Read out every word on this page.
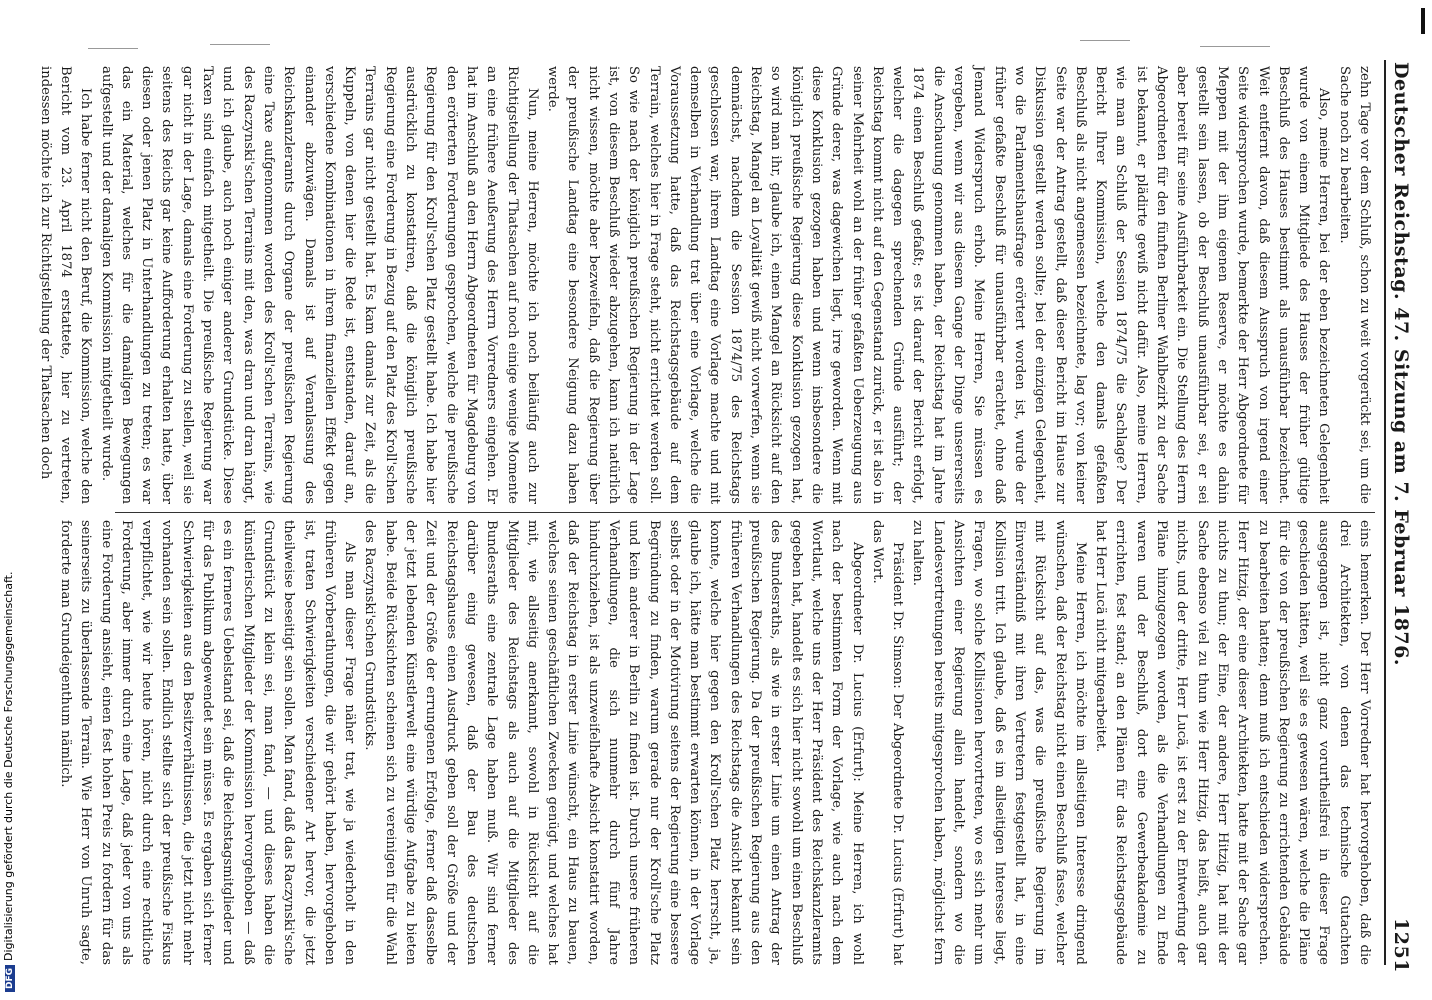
Deutscher Reichstag. 47. Sitzung am 7. Februar 1876.
1251

zehn Tage vor dem Schluß, schon zu weit vorgerückt sei, um die Sache noch zu bearbeiten.

Also, meine Herren, bei der eben bezeichneten Gelegenheit wurde von einem Mitgliede des Hauses der früher gültige Beschluß des Hauses bestimmt als unausführbar bezeichnet. Weit entfernt davon, daß diesem Ausspruch von irgend einer Seite widersprochen wurde, bemerkte der Herr Abgeordnete für Meppen mit der ihm eigenen Reserve, er möchte es dahin gestellt sein lassen, ob der Beschluß unausführbar sei, er sei aber bereit für seine Ausführbarkeit ein. Die Stellung des Herrn Abgeordneten für den fünften Berliner Wahlbezirk zu der Sache ist bekannt, er plädirte gewiß nicht dafür. Also, meine Herren, wie man am Schluß der Session 1874/75 die Sachlage? Der Bericht Ihrer Kommission, welche den damals gefaßten Beschluß als nicht angemessen bezeichnete, lag vor; von keiner Seite war der Antrag gestellt, daß dieser Bericht im Hause zur Diskussion gestellt werden sollte; bei der einzigen Gelegenheit, wo die Parlamentshausfrage erörtert worden ist, wurde der früher gefaßte Beschluß für unausführbar erachtet, ohne daß Jemand Widerspruch erhob. Meine Herren, Sie müssen es vergeben, wenn wir aus diesem Gange der Dinge unsererseits die Anschauung genommen haben, der Reichstag hat im Jahre 1874 einen Beschluß gefaßt; es ist darauf der Bericht erfolgt, welcher die dagegen sprechenden Gründe ausführt; der Reichstag kommt nicht auf den Gegenstand zurück, er ist also in seiner Mehrheit wohl an der früher gefaßten Ueberzeugung aus Gründe derer, was dagewichen liegt, irre geworden. Wenn mit diese Konklusion gezogen haben und wenn insbesondere die königlich preußische Regierung diese Konklusion gezogen hat, so wird man ihr, glaube ich, einen Mangel an Rücksicht auf den Reichstag, Mangel an Loyalität gewiß nicht vorwerfen, wenn sie demnächst, nachdem die Session 1874/75 des Reichstags geschlossen war, ihrem Landtag eine Vorlage machte und mit demselben in Verhandlung trat über eine Vorlage, welche die Voraussetzung hatte, daß das Reichstagsgebäude auf dem Terrain, welches hier in Frage steht, nicht errichtet werden soll. So wie nach der königlich preußischen Regierung in der Lage ist, von diesem Beschluß wieder abzugehen, kann ich natürlich nicht wissen, möchte aber bezweifeln, daß die Regierung über der preußische Landtag eine besondere Neigung dazu haben werde.

Nun, meine Herren, möchte ich noch beiläufig auch zur Richtigstellung der Thatsachen auf noch einige wenige Momente an eine frühere Aeußerung des Herrn Vorredners eingehen. Er hat im Anschluß an den Herrn Abgeordneten für Magdeburg von den erörterten Forderungen gesprochen, welche die preußische Regierung für den Kroll'schen Platz gestellt habe. Ich habe hier ausdrücklich zu konstatiren, daß die königlich preußische Regierung eine Forderung in Bezug auf den Platz des Kroll'schen Terrains gar nicht gestellt hat. Es kam damals zur Zeit, als die Kuppeln, von denen hier die Rede ist, entstanden, darauf an, verschiedene Kombinationen in ihrem finanziellen Effekt gegen einander abzuwägen. Damals ist auf Veranlassung des Reichskanzleramts durch Organe der preußischen Regierung eine Taxe aufgenommen worden des Kroll'schen Terrains, wie des Raczynski'schen Terrains mit den, was dran und dran hängt, und ich glaube, auch noch einiger anderer Grundstücke. Diese Taxen sind einfach mitgetheilt. Die preußische Regierung war gar nicht in der Lage, damals eine Forderung zu stellen, weil sie seitens des Reichs gar keine Aufforderung erhalten hatte, über diesen oder jenen Platz in Unterhandlungen zu treten; es war das ein Material, welches für die damaligen Bewegungen aufgestellt und der damaligen Kommission mitgetheilt wurde.

Ich habe ferner nicht den Beruf, die Kommission, welche den Bericht vom 23. April 1874 erstattete, hier zu vertreten, indessen möchte ich zur Richtigstellung der Thatsachen doch

eins hemerken. Der Herr Vorredner hat hervorgehoben, daß die drei Architekten, von denen das technische Gutachten ausgegangen ist, nicht ganz vorurtheilsfrei in dieser Frage geschieden hätten, weil sie es gewesen wären, welche die Pläne für die von der preußischen Regierung zu errichtenden Gebäude zu bearbeiten hatten; denn muß ich entschieden widersprechen. Herr Hitzig, der eine dieser Architekten, hatte mit der Sache gar nichts zu thun; der Eine, der andere, Herr Hitzig, hat mit der Sache ebenso viel zu thun wie Herr Hitzig, das heißt, auch gar nichts, und der dritte, Herr Lucä, ist erst zu der Entwerfung der Pläne hinzugezogen worden, als die Verhandlungen zu Ende waren und der Beschluß, dort eine Gewerbeakademie zu errichten, fest stand; an den Plänen für das Reichstagsgebäude hat Herr Lucä nicht mitgearbeitet.

Meine Herren, ich möchte im allseitigen Interesse dringend wünschen, daß der Reichstag nicht einen Beschluß fasse, welcher mit Rücksicht auf das, was die preußische Regierung im Einverständniß mit ihren Vertretern festgestellt hat, in eine Kollision tritt. Ich glaube, daß es im allseitigen Interesse liegt, Fragen, wo solche Kollisionen hervortreten, wo es sich mehr um Ansichten einer Regierung allein handelt, sondern wo die Landesvertretungen bereits mitgesprochen haben, möglichst fern zu halten.

Präsident Dr. Simson: Der Abgeordnete Dr. Lucius (Erfurt) hat das Wort.

Abgeordneter Dr. Lucius (Erfurt): Meine Herren, ich wohl nach der bestimmten Form der Vorlage, wie auch nach dem Wortlaut, welche uns der Herr Präsident des Reichskanzleramts gegeben hat, handelt es sich hier nicht sowohl um einen Beschluß des Bundesraths, als wie in erster Linie um einen Antrag der preußischen Regierung. Da der preußischen Regierung aus den früheren Verhandlungen des Reichstags die Ansicht bekannt sein konnte, welche hier gegen den Kroll'schen Platz herrscht, ja, glaube ich, hätte man bestimmt erwarten können, in der Vorlage selbst oder in der Motivirung seitens der Regierung eine bessere Begründung zu finden, warum gerade nur der Kroll'sche Platz und kein anderer in Berlin zu finden ist. Durch unsere früheren Verhandlungen, die sich nunmehr durch fünf Jahre hindurchziehen, ist als unzweifelhafte Absicht konstatirt worden, daß der Reichstag in erster Linie wünscht, ein Haus zu bauen, welches seinen geschäftlichen Zwecken genügt, und welches hat mit, wie allseitig anerkannt, sowohl in Rücksicht auf die Mitglieder des Reichstags als auch auf die Mitglieder des Bundesraths eine zentrale Lage haben muß. Wir sind ferner darüber einig gewesen, daß der Bau des deutschen Reichstagshauses einen Ausdruck geben soll der Größe und der Zeit und der Größe der errungenen Erfolge, ferner daß dasselbe der jetzt lebenden Künstlerwelt eine würdige Aufgabe zu bieten habe. Beide Rücksichten scheinen sich zu vereinigen für die Wahl des Raczynski'schen Grundstücks.

Als man dieser Frage näher trat, wie ja wiederholt in den früheren Vorberathungen, die wir gehört haben, hervorgehoben ist, traten Schwierigkeiten verschiedener Art hervor, die jetzt theilweise beseitigt sein sollen. Man fand, daß das Raczynski'sche Grundstück zu klein sei, man fand, — und dieses haben die künstlerischen Mitglieder der Kommission hervorgehoben — daß es ein ferneres Uebelstand sei, daß die Reichstagsmitglieder und für das Publikum abgewendet sein müsse. Es ergaben sich ferner Schwierigkeiten aus den Besitzverhältnissen, die jetzt nicht mehr vorhanden sein sollen. Endlich stellte sich der preußische Fiskus verpflichtet, wie wir heute hören, nicht durch eine rechtliche Forderung, aber immer durch eine Lage, daß jeder von uns als eine Forderung ansieht, einen fest hohen Preis zu fordern für das seinerseits zu überlassende Terrain. Wie Herr von Unruh sagte, forderte man Grundeigenthum nämlich.

DFGDigitalisierung gefördert durch die Deutsche Forschungsgemeinschaft.
